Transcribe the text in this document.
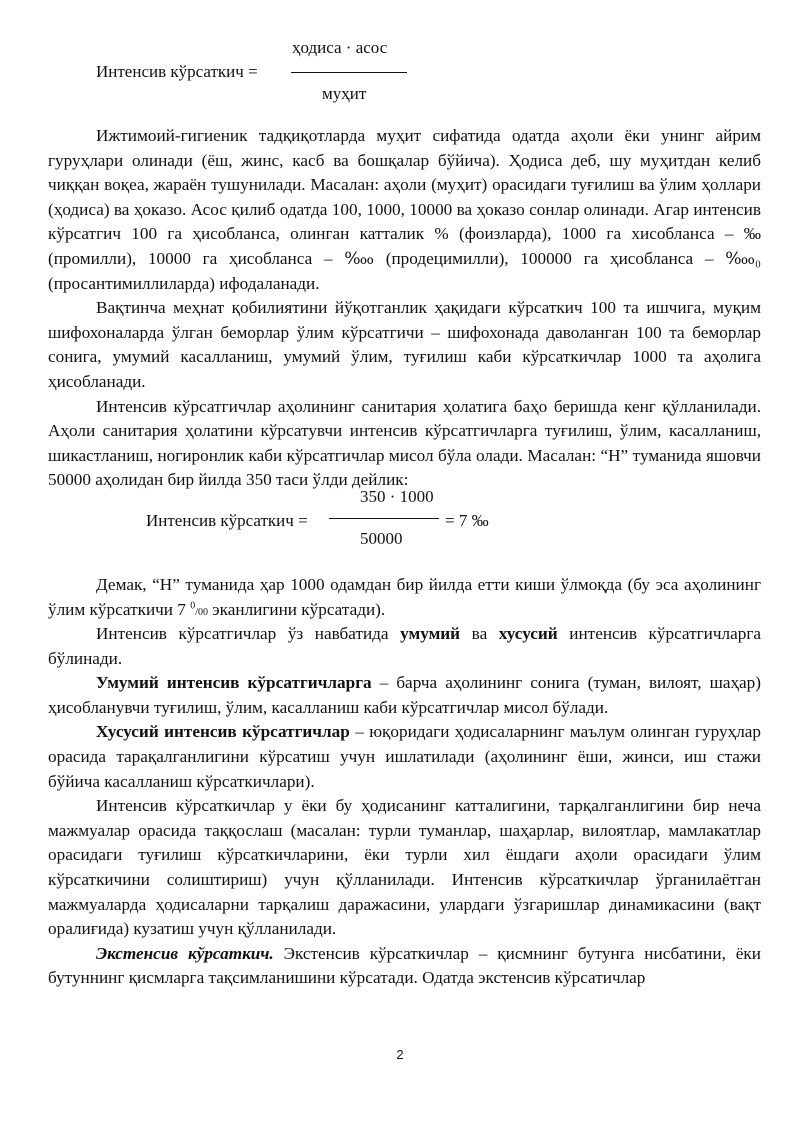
Интенсив кўрсаткич =
ҳодиса · асос
муҳит

Ижтимоий-гигиеник тадқиқотларда муҳит сифатида одатда аҳоли ёки унинг айрим гуруҳлари олинади (ёш, жинс, касб ва бошқалар бўйича). Ҳодиса деб, шу муҳитдан келиб чиққан воқеа, жараён тушунилади. Масалан: аҳоли (муҳит) орасидаги туғилиш ва ўлим ҳоллари (ҳодиса) ва ҳоказо. Асос қилиб одатда 100, 1000, 10000 ва ҳоказо сонлар олинади. Агар интенсив кўрсатгич 100 га ҳисобланса, олинган катталик % (фоизларда), 1000 га хисобланса – ‰ (промилли), 10000 га ҳисобланса – ‱ (продецимилли), 100000 га ҳисобланса – ‱₀ (просантимиллиларда) ифодаланади.

Вақтинча меҳнат қобилиятини йўқотганлик ҳақидаги кўрсаткич 100 та ишчига, муқим шифохоналарда ўлган беморлар ўлим кўрсатгичи – шифохонада даволанган 100 та беморлар сонига, умумий касалланиш, умумий ўлим, туғилиш каби кўрсаткичлар 1000 та аҳолига ҳисобланади.

Интенсив кўрсатгичлар аҳолининг санитария ҳолатига баҳо беришда кенг қўлланилади. Аҳоли санитария ҳолатини кўрсатувчи интенсив кўрсатгичларга туғилиш, ўлим, касалланиш, шикастланиш, ногиронлик каби кўрсатгичлар мисол бўла олади. Масалан: “Н” туманида яшовчи 50000 аҳолидан бир йилда 350 таси ўлди дейлик:

Интенсив кўрсаткич =
350 · 1000
50000
= 7 ‰

Демак, “Н” туманида ҳар 1000 одамдан бир йилда етти киши ўлмоқда (бу эса аҳолининг ўлим кўрсаткичи 7 $^0$/00 эканлигини кўрсатади).

Интенсив кўрсатгичлар ўз навбатида умумий ва хусусий интенсив кўрсатгичларга бўлинади.

Умумий интенсив кўрсатгичларга – барча аҳолининг сонига (туман, вилоят, шаҳар) ҳисобланувчи туғилиш, ўлим, касалланиш каби кўрсатгичлар мисол бўлади.

Хусусий интенсив кўрсатгичлар – юқоридаги ҳодисаларнинг маълум олинган гуруҳлар орасида тарақалганлигини кўрсатиш учун ишлатилади (аҳолининг ёши, жинси, иш стажи бўйича касалланиш кўрсаткичлари).

Интенсив кўрсаткичлар у ёки бу ҳодисанинг катталигини, тарқалганлигини бир неча мажмуалар орасида таққослаш (масалан: турли туманлар, шаҳарлар, вилоятлар, мамлакатлар орасидаги туғилиш кўрсаткичларини, ёки турли хил ёшдаги аҳоли орасидаги ўлим кўрсаткичини солиштириш) учун қўлланилади. Интенсив кўрсаткичлар ўрганилаётган мажмуаларда ҳодисаларни тарқалиш даражасини, улардаги ўзгаришлар динамикасини (вақт оралиғида) кузатиш учун қўлланилади.

Экстенсив кўрсаткич. Экстенсив кўрсаткичлар – қисмнинг бутунга нисбатини, ёки бутуннинг қисмларга тақсимланишини кўрсатади. Одатда экстенсив кўрсатичлар

2
